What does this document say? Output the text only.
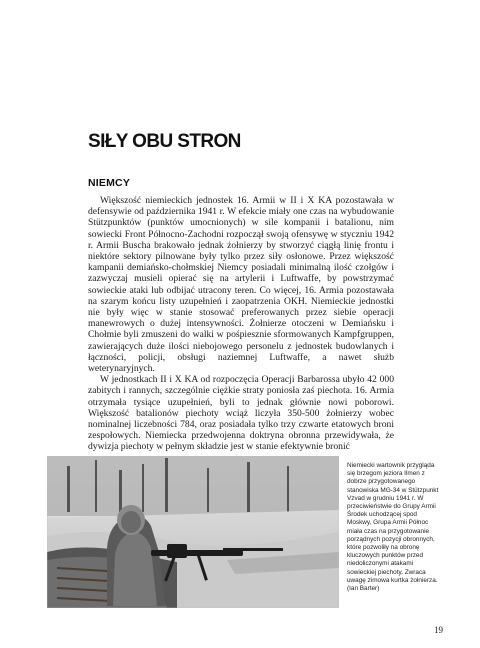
SIŁY OBU STRON
NIEMCY

Większość niemieckich jednostek 16. Armii w II i X KA pozostawała w defensywie od października 1941 r. W efekcie miały one czas na wybudowanie Stützpunktów (punktów umocnionych) w sile kompanii i batalionu, nim sowiecki Front Północno-Zachodni rozpoczął swoją ofensywę w styczniu 1942 r. Armii Buscha brakowało jednak żołnierzy by stworzyć ciągłą linię frontu i niektóre sektory pilnowane były tylko przez siły osłonowe. Przez większość kampanii demiańsko-chołmskiej Niemcy posiadali minimalną ilość czołgów i zazwyczaj musieli opierać się na artylerii i Luftwaffe, by powstrzymać sowieckie ataki lub odbijać utracony teren. Co więcej, 16. Armia pozostawała na szarym końcu listy uzupełnień i zaopatrzenia OKH. Niemieckie jednostki nie były więc w stanie stosować preferowanych przez siebie operacji manewrowych o dużej intensywności. Żołnierze otoczeni w Demiańsku i Chołmie byli zmuszeni do walki w pośpiesznie sformowanych Kampfgruppen, zawierających duże ilości niebojowego personelu z jednostek budowlanych i łączności, policji, obsługi naziemnej Luftwaffe, a nawet służb weterynaryjnych.

W jednostkach II i X KA od rozpoczęcia Operacji Barbarossa ubyło 42 000 zabitych i rannych, szczególnie ciężkie straty poniosła zaś piechota. 16. Armia otrzymała tysiące uzupełnień, byli to jednak głównie nowi poborowi. Większość batalionów piechoty wciąż liczyła 350-500 żołnierzy wobec nominalnej liczebności 784, oraz posiadała tylko trzy czwarte etatowych broni zespołowych. Niemiecka przedwojenna doktryna obronna przewidywała, że dywizja piechoty w pełnym składzie jest w stanie efektywnie bronić

Niemiecki wartownik przygląda się brzegom jeziora Ilmen z dobrze przygotowanego stanowiska MG-34 w Stützpunkt Vzvad w grudniu 1941 r. W przeciwieństwie do Grupy Armii Środek uchodzącej spod Moskwy, Grupa Armii Północ miała czas na przygotowanie porządnych pozycji obronnych, które pozwoliły na obronę kluczowych punktów przed niedoliczonymi atakami sowieckiej piechoty. Zwraca uwagę zimowa kurtka żołnierza. (Ian Barter)
19
